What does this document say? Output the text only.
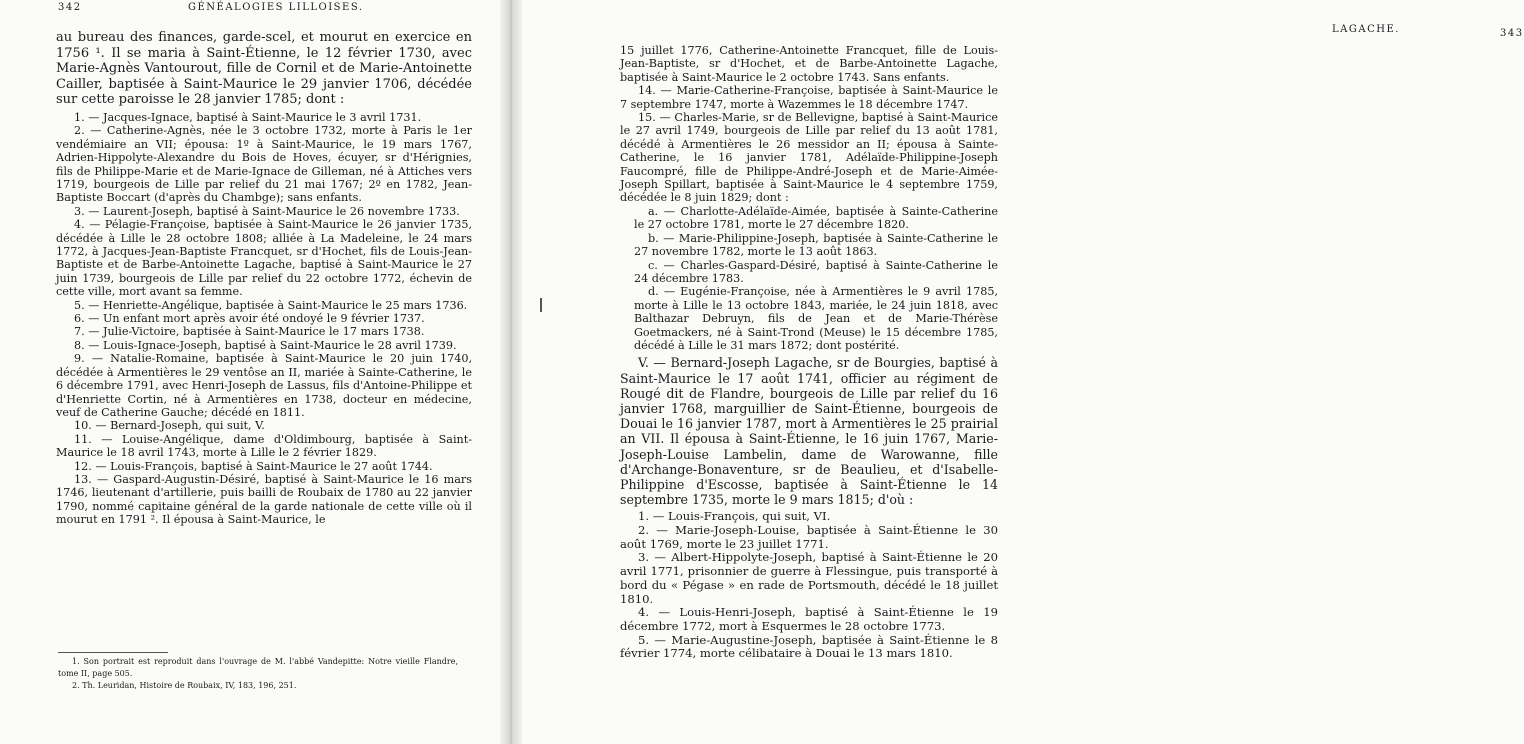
342	GÉNÉALOGIES LILLOISES.

au bureau des finances, garde-scel, et mourut en exercice en 1756 ¹. Il se maria à Saint-Étienne, le 12 février 1730, avec Marie-Agnès Vantourout, fille de Cornil et de Marie-Antoinette Cailler, baptisée à Saint-Maurice le 29 janvier 1706, décédée sur cette paroisse le 28 janvier 1785; dont :

1. — Jacques-Ignace, baptisé à Saint-Maurice le 3 avril 1731.

2. — Catherine-Agnès, née le 3 octobre 1732, morte à Paris le 1er vendémiaire an VII; épousa: 1º à Saint-Maurice, le 19 mars 1767, Adrien-Hippolyte-Alexandre du Bois de Hoves, écuyer, sr d'Hérignies, fils de Philippe-Marie et de Marie-Ignace de Gilleman, né à Attiches vers 1719, bourgeois de Lille par relief du 21 mai 1767; 2º en 1782, Jean-Baptiste Boccart (d'après du Chambge); sans enfants.

3. — Laurent-Joseph, baptisé à Saint-Maurice le 26 novembre 1733.

4. — Pélagie-Françoise, baptisée à Saint-Maurice le 26 janvier 1735, décédée à Lille le 28 octobre 1808; alliée à La Madeleine, le 24 mars 1772, à Jacques-Jean-Baptiste Francquet, sr d'Hochet, fils de Louis-Jean-Baptiste et de Barbe-Antoinette Lagache, baptisé à Saint-Maurice le 27 juin 1739, bourgeois de Lille par relief du 22 octobre 1772, échevin de cette ville, mort avant sa femme.

5. — Henriette-Angélique, baptisée à Saint-Maurice le 25 mars 1736.

6. — Un enfant mort après avoir été ondoyé le 9 février 1737.

7. — Julie-Victoire, baptisée à Saint-Maurice le 17 mars 1738.

8. — Louis-Ignace-Joseph, baptisé à Saint-Maurice le 28 avril 1739.

9. — Natalie-Romaine, baptisée à Saint-Maurice le 20 juin 1740, décédée à Armentières le 29 ventôse an II, mariée à Sainte-Catherine, le 6 décembre 1791, avec Henri-Joseph de Lassus, fils d'Antoine-Philippe et d'Henriette Cortin, né à Armentières en 1738, docteur en médecine, veuf de Catherine Gauche; décédé en 1811.

10. — Bernard-Joseph, qui suit, V.

11. — Louise-Angélique, dame d'Oldimbourg, baptisée à Saint-Maurice le 18 avril 1743, morte à Lille le 2 février 1829.

12. — Louis-François, baptisé à Saint-Maurice le 27 août 1744.

13. — Gaspard-Augustin-Désiré, baptisé à Saint-Maurice le 16 mars 1746, lieutenant d'artillerie, puis bailli de Roubaix de 1780 au 22 janvier 1790, nommé capitaine général de la garde nationale de cette ville où il mourut en 1791 ². Il épousa à Saint-Maurice, le

1. Son portrait est reproduit dans l'ouvrage de M. l'abbé Vandepitte: Notre vieille Flandre, tome II, page 505.

2. Th. Leuridan, Histoire de Roubaix, IV, 183, 196, 251.

LAGACHE.	343

15 juillet 1776, Catherine-Antoinette Francquet, fille de Louis-Jean-Baptiste, sr d'Hochet, et de Barbe-Antoinette Lagache, baptisée à Saint-Maurice le 2 octobre 1743. Sans enfants.

14. — Marie-Catherine-Françoise, baptisée à Saint-Maurice le 7 septembre 1747, morte à Wazemmes le 18 décembre 1747.

15. — Charles-Marie, sr de Bellevigne, baptisé à Saint-Maurice le 27 avril 1749, bourgeois de Lille par relief du 13 août 1781, décédé à Armentières le 26 messidor an II; épousa à Sainte-Catherine, le 16 janvier 1781, Adélaïde-Philippine-Joseph Faucompré, fille de Philippe-André-Joseph et de Marie-Aimée-Joseph Spillart, baptisée à Saint-Maurice le 4 septembre 1759, décédée le 8 juin 1829; dont :

a. — Charlotte-Adélaïde-Aimée, baptisée à Sainte-Catherine le 27 octobre 1781, morte le 27 décembre 1820.

b. — Marie-Philippine-Joseph, baptisée à Sainte-Catherine le 27 novembre 1782, morte le 13 août 1863.

c. — Charles-Gaspard-Désiré, baptisé à Sainte-Catherine le 24 décembre 1783.

d. — Eugénie-Françoise, née à Armentières le 9 avril 1785, morte à Lille le 13 octobre 1843, mariée, le 24 juin 1818, avec Balthazar Debruyn, fils de Jean et de Marie-Thérèse Goetmackers, né à Saint-Trond (Meuse) le 15 décembre 1785, décédé à Lille le 31 mars 1872; dont postérité.

V. — Bernard-Joseph Lagache, sr de Bourgies, baptisé à Saint-Maurice le 17 août 1741, officier au régiment de Rougé dit de Flandre, bourgeois de Lille par relief du 16 janvier 1768, marguillier de Saint-Étienne, bourgeois de Douai le 16 janvier 1787, mort à Armentières le 25 prairial an VII. Il épousa à Saint-Étienne, le 16 juin 1767, Marie-Joseph-Louise Lambelin, dame de Warowanne, fille d'Archange-Bonaventure, sr de Beaulieu, et d'Isabelle-Philippine d'Escosse, baptisée à Saint-Étienne le 14 septembre 1735, morte le 9 mars 1815; d'où :

1. — Louis-François, qui suit, VI.

2. — Marie-Joseph-Louise, baptisée à Saint-Étienne le 30 août 1769, morte le 23 juillet 1771.

3. — Albert-Hippolyte-Joseph, baptisé à Saint-Étienne le 20 avril 1771, prisonnier de guerre à Flessingue, puis transporté à bord du « Pégase » en rade de Portsmouth, décédé le 18 juillet 1810.

4. — Louis-Henri-Joseph, baptisé à Saint-Étienne le 19 décembre 1772, mort à Esquermes le 28 octobre 1773.

5. — Marie-Augustine-Joseph, baptisée à Saint-Étienne le 8 février 1774, morte célibataire à Douai le 13 mars 1810.
